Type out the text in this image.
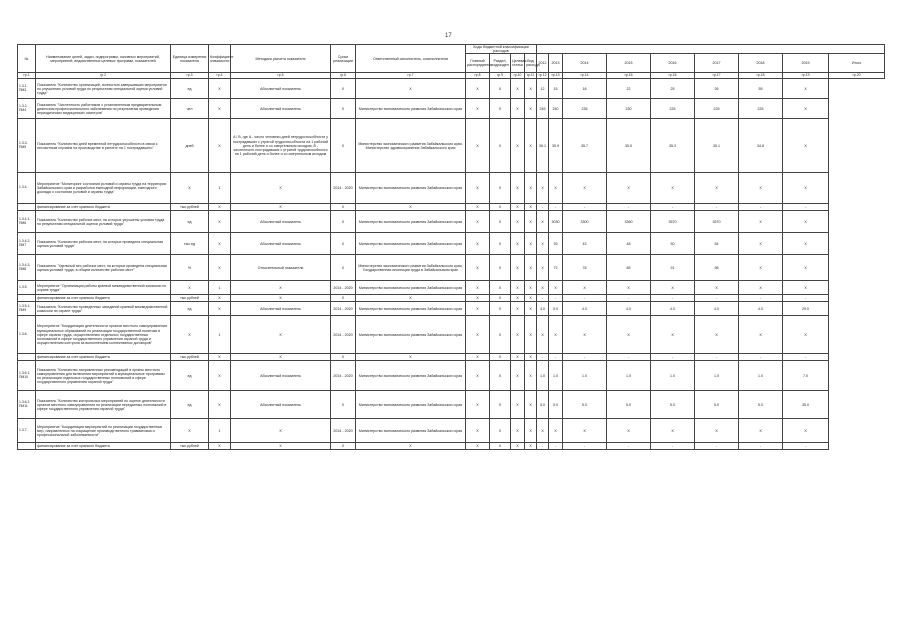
17
№	Наименование целей, задач, подпрограмм, основных мероприятий, мероприятий, ведомственных целевых программ, показателей	Единица измерения показателя	Коэффициент значимости	Методика расчета показателя	Сроки реализации	Ответственный исполнитель, соисполнители	Коды бюджетной классификации расходов												
							Главный распорядитель	Раздел, подраздел	Целевая статья	Вид расхода	2012	2013	2014	2015	2016	2017	2018	2019	Итого
гр.1	гр.2	гр.3	гр.4	гр.5	гр.6	гр.7	гр.8	гр.9	гр.10	гр.11	гр.12	гр.13	гр.14	гр.15	гр.16	гр.17	гр.18	гр.19	гр.20
1.3.1. ПМ3	Показатель "Количество организаций, полностью завершивших мероприятия по улучшению условий труда по результатам специальной оценки условий труда"	ед	X	Абсолютный показатель	X	X	X	X	X	X	12	15	18	22	25	26	55	X	
1.3.2. ПМ4	Показатель "Численность работников с установленным предварительным диагнозом профессионального заболевания по результатам проведения периодических медицинских осмотров"	чел	X	Абсолютный показатель	X	Министерство экономического развития Забайкальского края	X	X	X	X	245	240	235	230	225	225	225	X	
1.3.3. ПМ5	Показатель "Количество дней временной нетрудоспособности в связи с несчастным случаем на производстве в расчете на 1 пострадавшего"	дней	X	A / B, где A - число человеко-дней нетрудоспособности у пострадавших с утратой трудоспособности на 1 рабочий день и более и со смертельным исходом; B - численность пострадавших с утратой трудоспособности на 1 рабочий день и более и со смертельным исходом	X	Министерство экономического развития Забайкальского края, Министерство здравоохранения Забайкальского края	X	X	X	X	36.1	35.9	35.7	35.5	35.3	35.1	34.8	X	
1.3.4.	Мероприятие "Мониторинг состояния условий и охраны труда на территории Забайкальского края и разработка ежегодной информации, ежегодного доклада о состоянии условий и охраны труда"	X	1	X	2014 - 2020	Министерство экономического развития Забайкальского края	X	X	X	X	X	X	X	X	X	X	X	X	
	финансирование за счет краевого бюджета	тыс.рублей	X	X	X	X	X	X	X	X	-	-	-	-	-	-	-	-	
1.3.4.1. ПМ6	Показатель "Количество рабочих мест, на которых улучшены условия труда по результатам специальной оценки условий труда"	ед	X	Абсолютный показатель	X	Министерство экономического развития Забайкальского края	X	X	X	X	X	3030	3300	3360	3570	3570	X	X	
1.3.4.2. ПМ7	Показатель "Количество рабочих мест, на которых проведена специальная оценка условий труда"	тыс.ед	X	Абсолютный показатель	X	Министерство экономического развития Забайкальского края	X	X	X	X	X	39	43	48	50	54	X	X	
1.3.4.3. ПМ8	Показатель "Удельный вес рабочих мест, на которых проведена специальная оценка условий труда, в общем количестве рабочих мест"	%	X	Относительный показатель	X	Министерство экономического развития Забайкальского края, Государственная инспекция труда в Забайкальском крае	X	X	X	X	X	72	78	85	91	98	X	X	
1.3.5.	Мероприятие "Организация работы краевой межведомственной комиссии по охране труда"	X	1	X	2014 - 2020	Министерство экономического развития Забайкальского края	X	X	X	X	X	X	X	X	X	X	X	X	
	финансирование за счет краевого бюджета	тыс.рублей	X	X	X	X	X	X	X	X	-	-	-	-	-	-	-	-	
1.3.5.1. ПМ9	Показатель "Количество проведенных заседаний краевой межведомственной комиссии по охране труда"	ед	X	Абсолютный показатель	2014 - 2020	Министерство экономического развития Забайкальского края	X	X	X	X	4.0	5.0	4.0	4.0	4.0	4.0	4.0	29.0	
1.3.6.	Мероприятие "Координация деятельности органов местного самоуправления муниципальных образований по реализации государственной политики в сфере охраны труда, осуществлению отдельных государственных полномочий в сфере государственного управления охраной труда и осуществлению контроля за выполнением коллективных договоров"	X	1	X	2014 - 2020	Министерство экономического развития Забайкальского края	X	X	X	X	X	X	X	X	X	X	X	X	
	финансирование за счет краевого бюджета	тыс.рублей	X	X	X	X	X	X	X	X	-	-	-	-	-	-	-	-	
1.3.6.1. ПМ10	Показатель "Количество направленных рекомендаций в органы местного самоуправления для включения мероприятий в муниципальные программы по реализации отдельных государственных полномочий в сфере государственного управления охраной труда"	ед	X	Абсолютный показатель	2014 - 2020	Министерство экономического развития Забайкальского края	X	X	X	X	1.0	1.0	1.0	1.0	1.0	1.0	1.0	7.0	
1.3.6.2. ПМ11	Показатель "Количество контрольных мероприятий по оценке деятельности органов местного самоуправления по реализации переданных полномочий в сфере государственного управления охраной труда"	ед	X	Абсолютный показатель	X	Министерство экономического развития Забайкальского края	X	X	X	X	5.0	5.0	5.0	5.0	5.0	5.0	5.0	35.0	
1.3.7.	Мероприятие "Координация мероприятий по реализации государственных мер, направленных на сокращение производственного травматизма и профессиональной заболеваемости"	X	1	X	2014 - 2020	Министерство экономического развития Забайкальского края	X	X	X	X	X	X	X	X	X	X	X	X	
	финансирование за счет краевого бюджета	тыс.рублей	X	X	X	X	X	X	X	X	-	-	-	-	-	-	-	-	
